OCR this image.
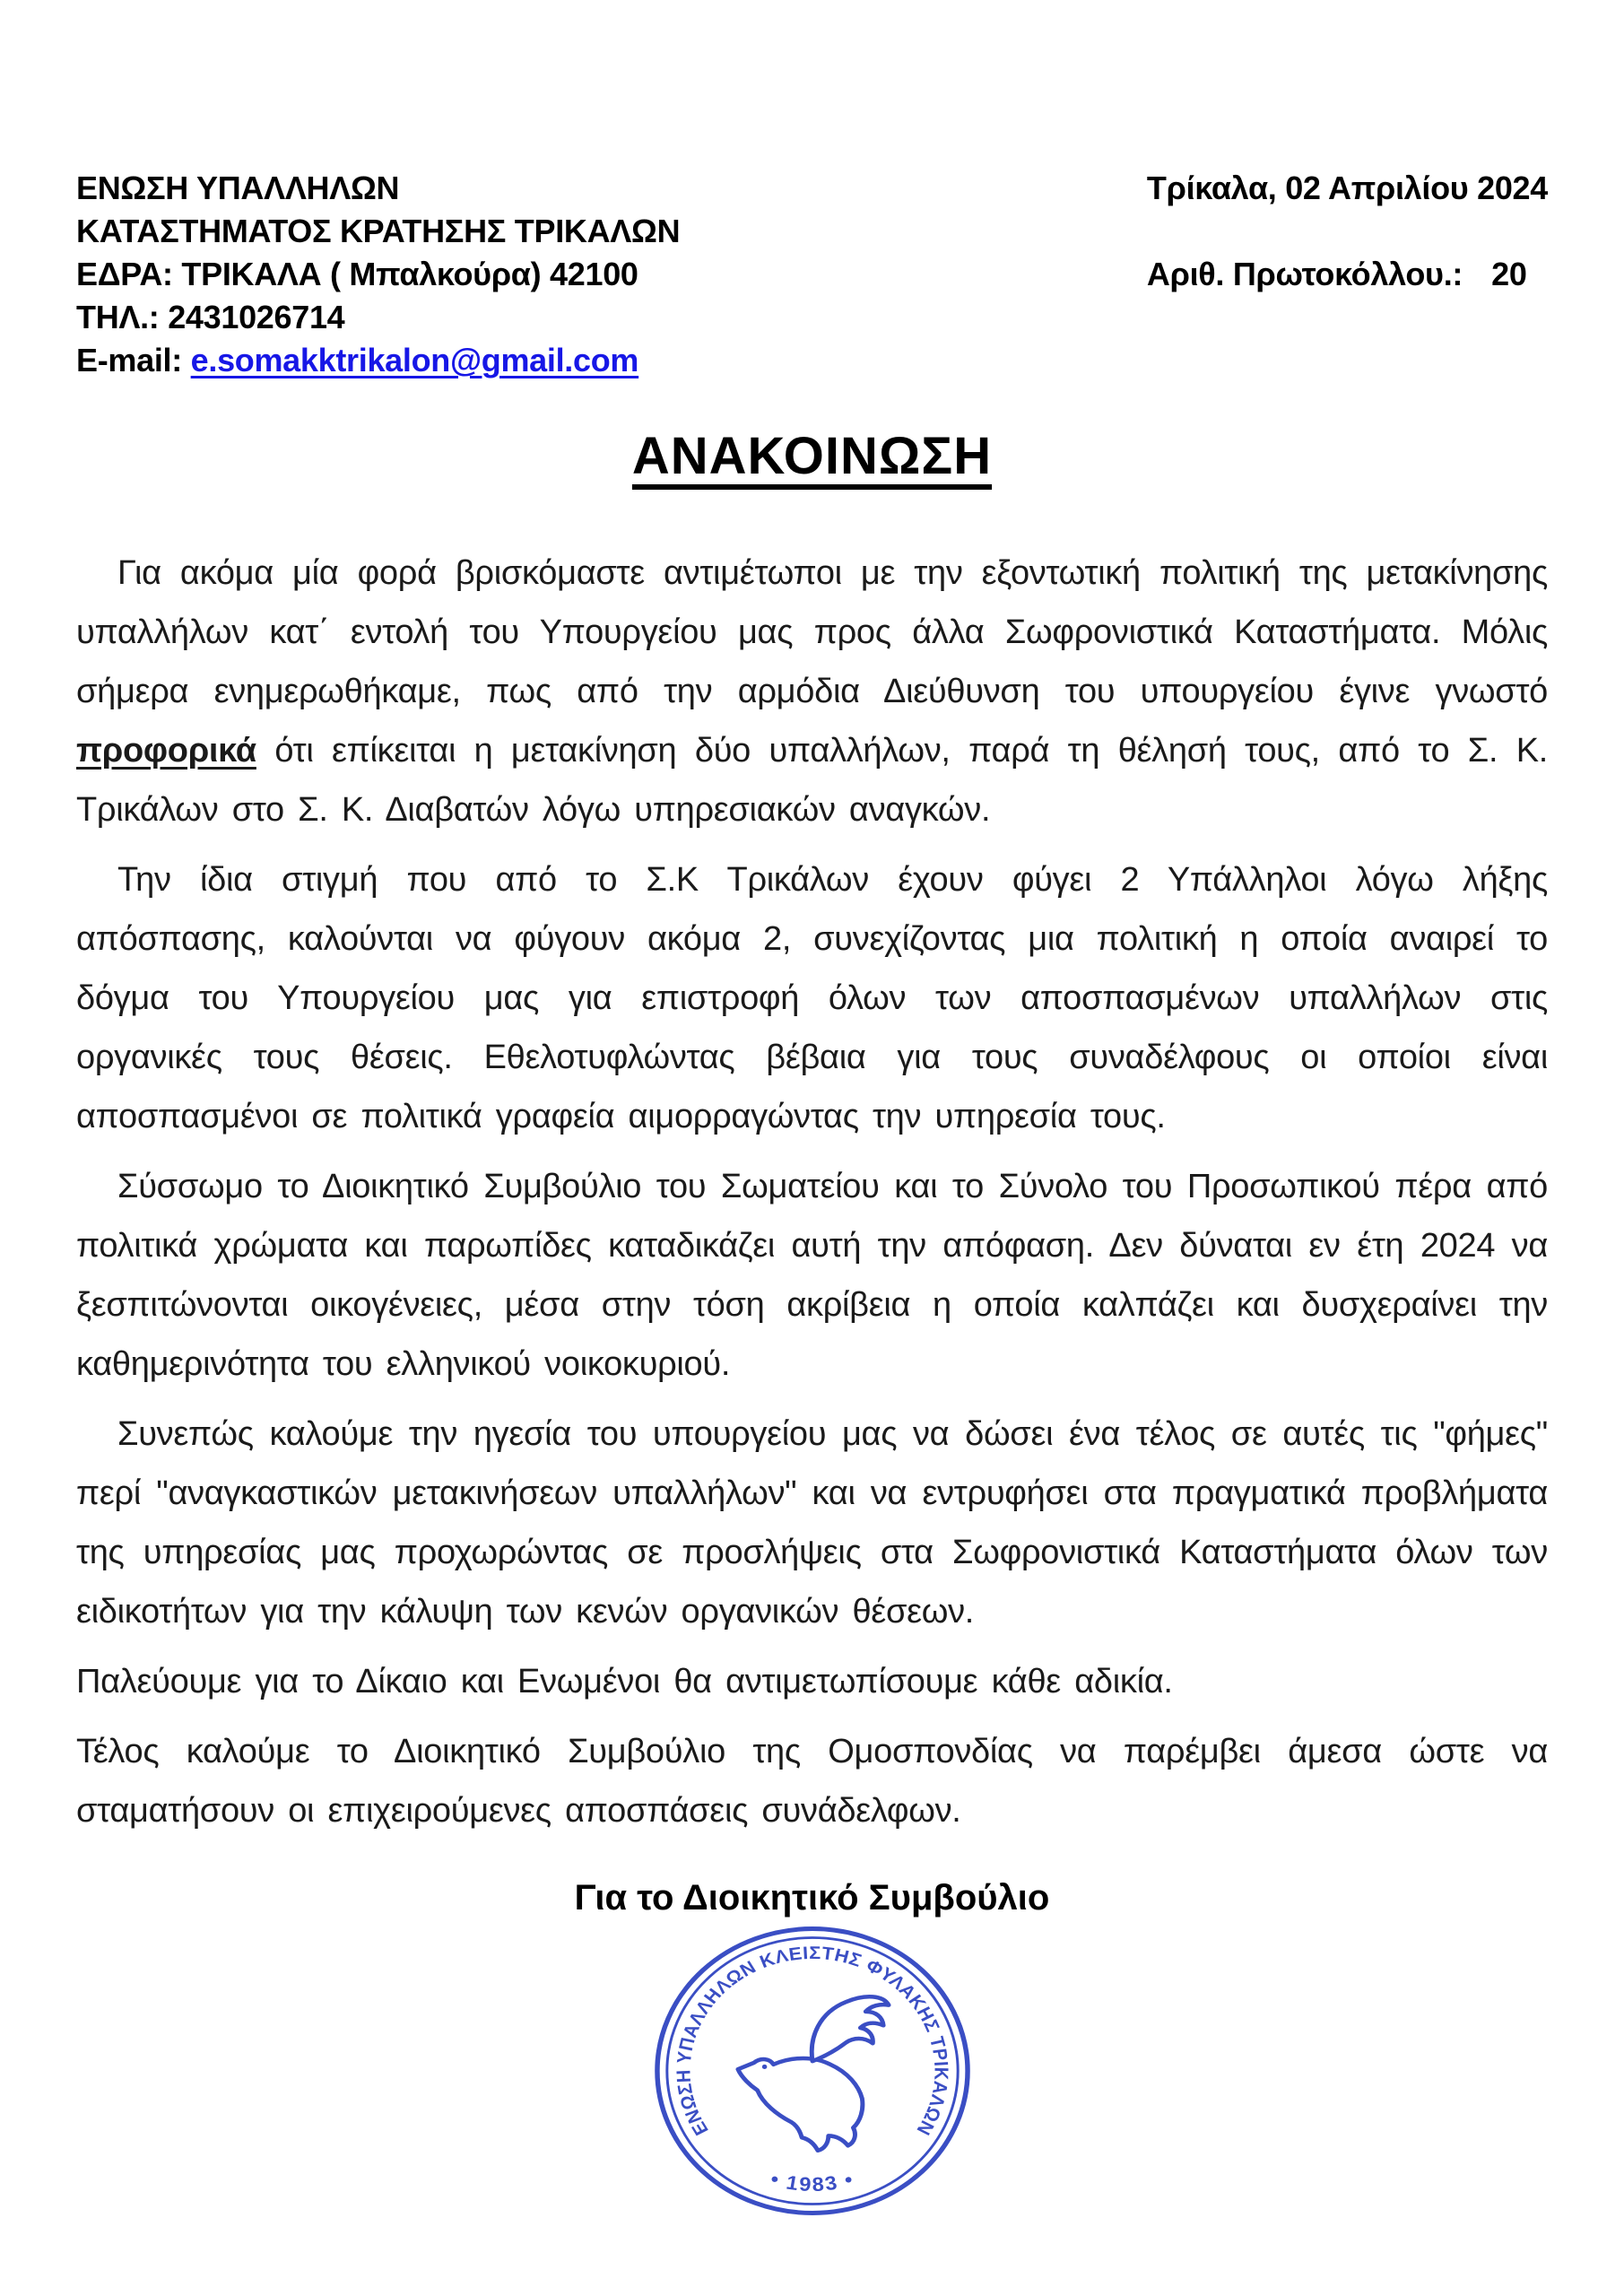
ΕΝΩΣΗ ΥΠΑΛΛΗΛΩΝ
ΚΑΤΑΣΤΗΜΑΤΟΣ ΚΡΑΤΗΣΗΣ ΤΡΙΚΑΛΩΝ
ΕΔΡΑ: ΤΡΙΚΑΛΑ ( Μπαλκούρα) 42100
ΤΗΛ.: 2431026714
E-mail: e.somakktrikalon@gmail.com
Τρίκαλα, 02 Απριλίου 2024
Αριθ. Πρωτοκόλλου.: 20
ΑΝΑΚΟΙΝΩΣΗ

Για ακόμα μία φορά βρισκόμαστε αντιμέτωποι με την εξοντωτική πολιτική της μετακίνησης υπαλλήλων κατ΄ εντολή του Υπουργείου μας προς άλλα Σωφρονιστικά Καταστήματα. Μόλις σήμερα ενημερωθήκαμε, πως από την αρμόδια Διεύθυνση του υπουργείου έγινε γνωστό προφορικά ότι επίκειται η μετακίνηση δύο υπαλλήλων, παρά τη θέλησή τους, από το Σ. Κ. Τρικάλων στο Σ. Κ. Διαβατών λόγω υπηρεσιακών αναγκών.

Την ίδια στιγμή που από το Σ.Κ Τρικάλων έχουν φύγει 2 Υπάλληλοι λόγω λήξης απόσπασης, καλούνται να φύγουν ακόμα 2, συνεχίζοντας μια πολιτική η οποία αναιρεί το δόγμα του Υπουργείου μας για επιστροφή όλων των αποσπασμένων υπαλλήλων στις οργανικές τους θέσεις. Εθελοτυφλώντας βέβαια για τους συναδέλφους οι οποίοι είναι αποσπασμένοι σε πολιτικά γραφεία αιμορραγώντας την υπηρεσία τους.

Σύσσωμο το Διοικητικό Συμβούλιο του Σωματείου και το Σύνολο του Προσωπικού πέρα από πολιτικά χρώματα και παρωπίδες καταδικάζει αυτή την απόφαση. Δεν δύναται εν έτη 2024 να ξεσπιτώνονται οικογένειες, μέσα στην τόση ακρίβεια η οποία καλπάζει και δυσχεραίνει την καθημερινότητα του ελληνικού νοικοκυριού.

Συνεπώς καλούμε την ηγεσία του υπουργείου μας να δώσει ένα τέλος σε αυτές τις "φήμες" περί "αναγκαστικών μετακινήσεων υπαλλήλων" και να εντρυφήσει στα πραγματικά προβλήματα της υπηρεσίας μας προχωρώντας σε προσλήψεις στα Σωφρονιστικά Καταστήματα όλων των ειδικοτήτων για την κάλυψη των κενών οργανικών θέσεων.

Παλεύουμε για το Δίκαιο και Ενωμένοι θα αντιμετωπίσουμε κάθε αδικία.

Τέλος καλούμε το Διοικητικό Συμβούλιο της Ομοσπονδίας να παρέμβει άμεσα ώστε να σταματήσουν οι επιχειρούμενες αποσπάσεις συνάδελφων.

Για το Διοικητικό Συμβούλιο
ΕΝΩΣΗ ΥΠΑΛΛΗΛΩΝ ΚΛΕΙΣΤΗΣ ΦΥΛΑΚΗΣ ΤΡΙΚΑΛΩΝ
• 1983 •
